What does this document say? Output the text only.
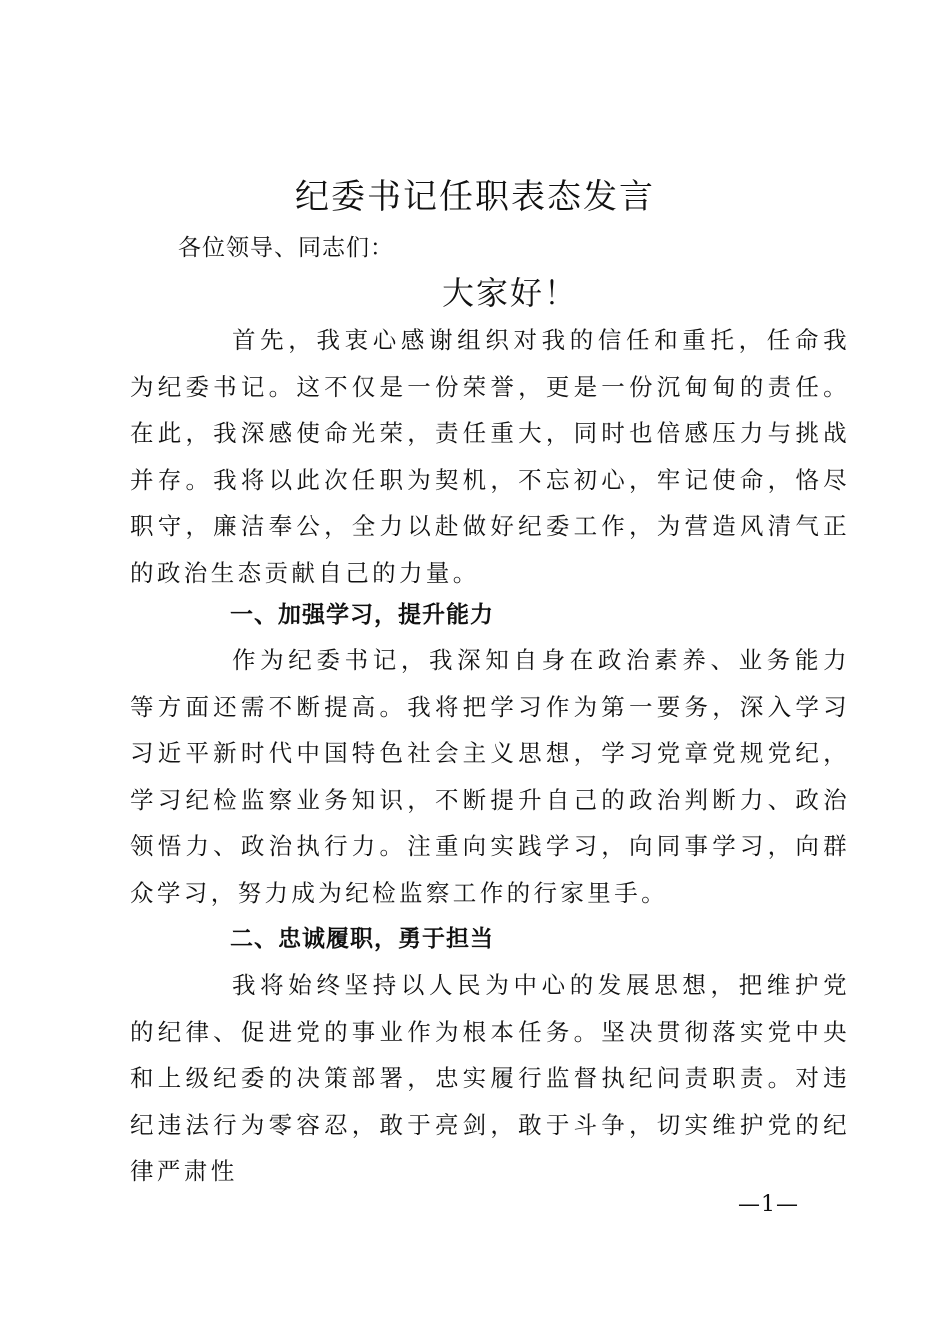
纪委书记任职表态发言
各位领导、同志们：
大家好！

首先，我衷心感谢组织对我的信任和重托，任命我为纪委书记。这不仅是一份荣誉，更是一份沉甸甸的责任。在此，我深感使命光荣，责任重大，同时也倍感压力与挑战并存。我将以此次任职为契机，不忘初心，牢记使命，恪尽职守，廉洁奉公，全力以赴做好纪委工作，为营造风清气正的政治生态贡献自己的力量。

一、加强学习，提升能力

作为纪委书记，我深知自身在政治素养、业务能力等方面还需不断提高。我将把学习作为第一要务，深入学习习近平新时代中国特色社会主义思想，学习党章党规党纪，学习纪检监察业务知识，不断提升自己的政治判断力、政治领悟力、政治执行力。注重向实践学习，向同事学习，向群众学习，努力成为纪检监察工作的行家里手。

二、忠诚履职，勇于担当

我将始终坚持以人民为中心的发展思想，把维护党的纪律、促进党的事业作为根本任务。坚决贯彻落实党中央和上级纪委的决策部署，忠实履行监督执纪问责职责。对违纪违法行为零容忍，敢于亮剑，敢于斗争，切实维护党的纪律严肃性

—1—
